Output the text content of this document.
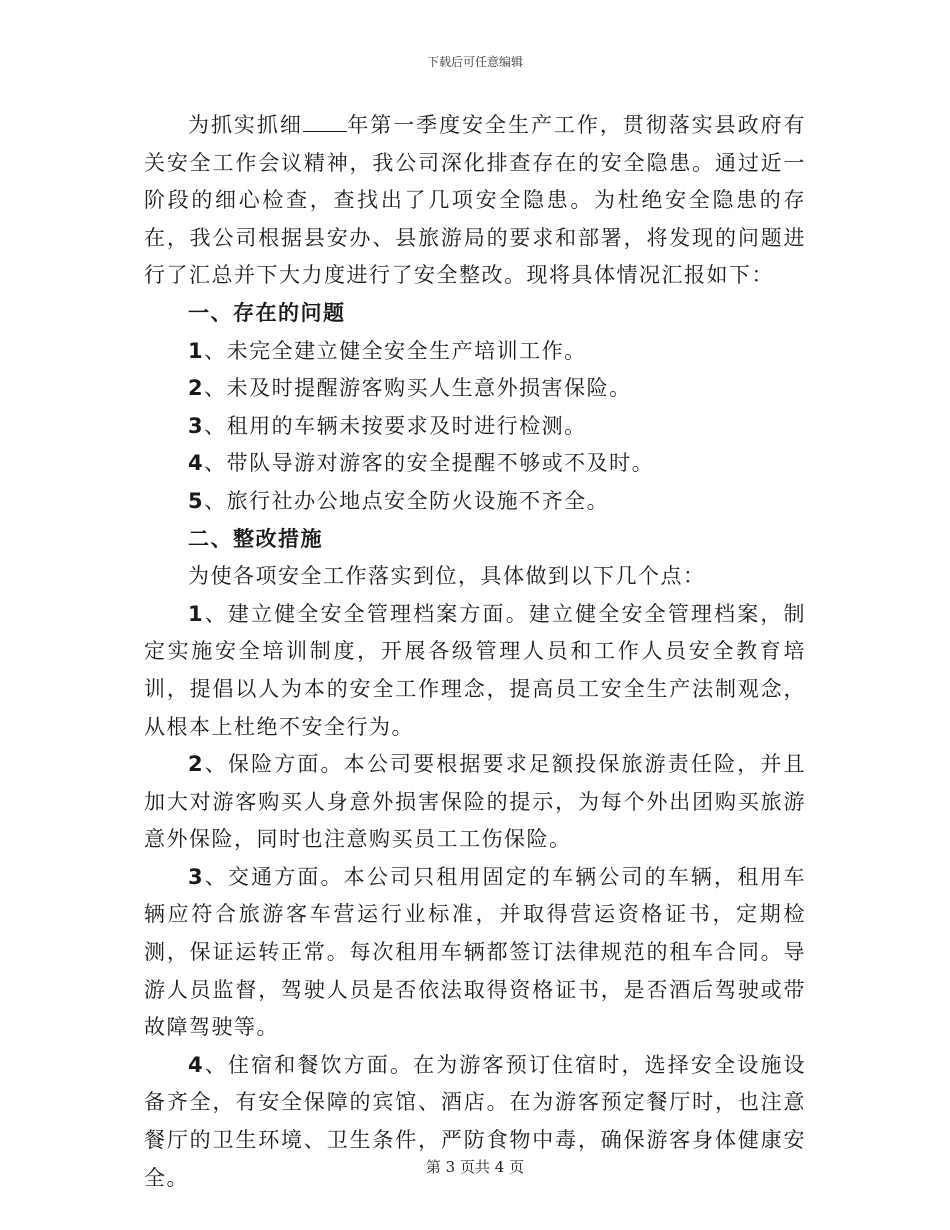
下载后可任意编辑

为抓实抓细 年第一季度安全生产工作，贯彻落实县政府有关安全工作会议精神，我公司深化排查存在的安全隐患。通过近一阶段的细心检查，查找出了几项安全隐患。为杜绝安全隐患的存在，我公司根据县安办、县旅游局的要求和部署，将发现的问题进行了汇总并下大力度进行了安全整改。现将具体情况汇报如下：

一、存在的问题

1、未完全建立健全安全生产培训工作。

2、未及时提醒游客购买人生意外损害保险。

3、租用的车辆未按要求及时进行检测。

4、带队导游对游客的安全提醒不够或不及时。

5、旅行社办公地点安全防火设施不齐全。

二、整改措施

为使各项安全工作落实到位，具体做到以下几个点：

1、建立健全安全管理档案方面。建立健全安全管理档案，制定实施安全培训制度，开展各级管理人员和工作人员安全教育培训，提倡以人为本的安全工作理念，提高员工安全生产法制观念，从根本上杜绝不安全行为。

2、保险方面。本公司要根据要求足额投保旅游责任险，并且加大对游客购买人身意外损害保险的提示，为每个外出团购买旅游意外保险，同时也注意购买员工工伤保险。

3、交通方面。本公司只租用固定的车辆公司的车辆，租用车辆应符合旅游客车营运行业标准，并取得营运资格证书，定期检测，保证运转正常。每次租用车辆都签订法律规范的租车合同。导游人员监督，驾驶人员是否依法取得资格证书，是否酒后驾驶或带故障驾驶等。

4、住宿和餐饮方面。在为游客预订住宿时，选择安全设施设备齐全，有安全保障的宾馆、酒店。在为游客预定餐厅时，也注意餐厅的卫生环境、卫生条件，严防食物中毒，确保游客身体健康安全。	第 3 页共 4 页
